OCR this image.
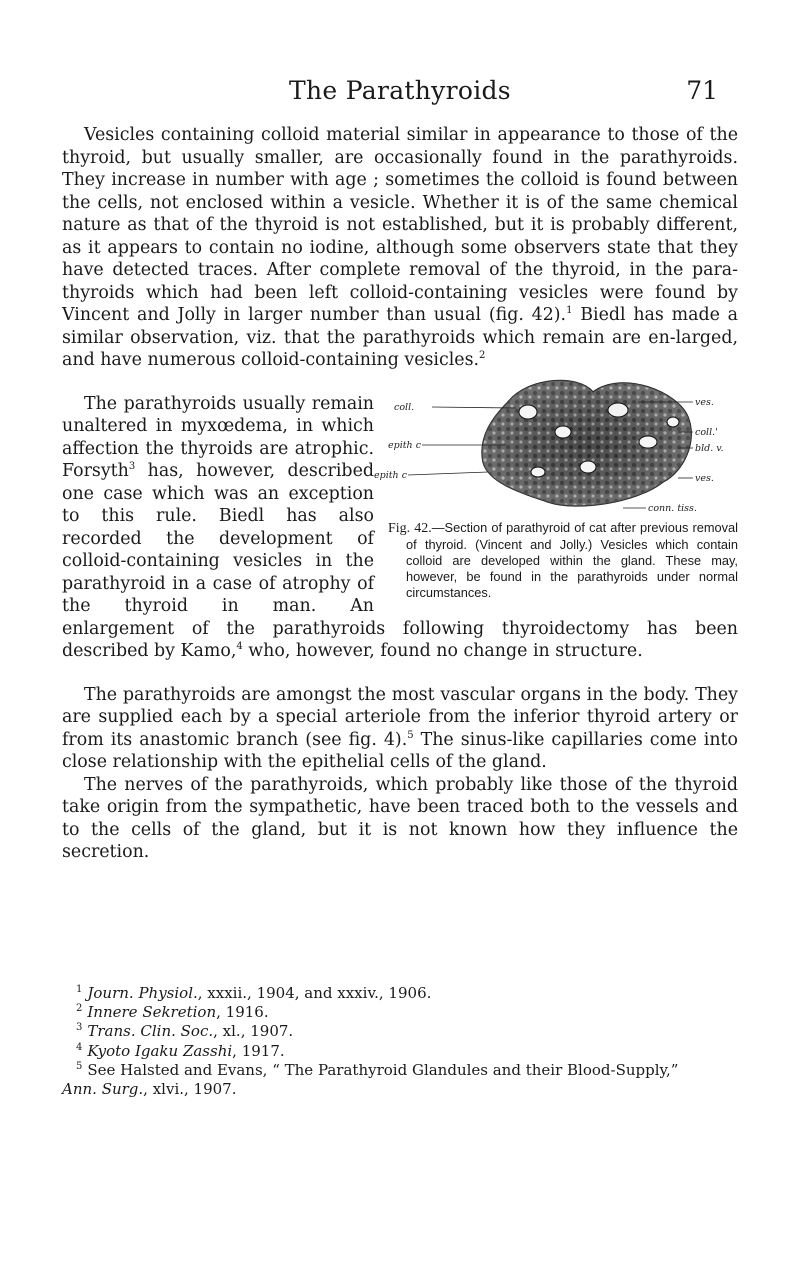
The Parathyroids	71

Vesicles containing colloid material similar in appearance to those of the thyroid, but usually smaller, are occasionally found in the parathyroids. They increase in number with age ; sometimes the colloid is found between the cells, not enclosed within a vesicle. Whether it is of the same chemical nature as that of the thyroid is not established, but it is probably different, as it appears to contain no iodine, although some observers state that they have detected traces. After complete removal of the thyroid, in the para-thyroids which had been left colloid-containing vesicles were found by Vincent and Jolly in larger number than usual (fig. 42).$^1$ Biedl has made a similar observation, viz. that the parathyroids which remain are en-larged, and have numerous colloid-containing vesicles.$^2$

coll.	ves.
epith c
coll.'
bld. v.
epith c	ves.
conn. tiss.
Fig. 42.—Section of parathyroid of cat after previous removal of thyroid. (Vincent and Jolly.) Vesicles which contain colloid are developed within the gland. These may, however, be found in the parathyroids under normal circumstances.

The parathyroids usually remain unaltered in myxœdema, in which affection the thyroids are atrophic. Forsyth$^3$ has, however, described one case which was an exception to this rule. Biedl has also recorded the development of colloid-containing vesicles in the parathyroid in a case of atrophy of the thyroid in man. An enlargement of the parathyroids following thyroidectomy has been described by Kamo,$^4$ who, however, found no change in structure.

The parathyroids are amongst the most vascular organs in the body. They are supplied each by a special arteriole from the inferior thyroid artery or from its anastomic branch (see fig. 4).$^5$ The sinus-like capillaries come into close relationship with the epithelial cells of the gland.

The nerves of the parathyroids, which probably like those of the thyroid take origin from the sympathetic, have been traced both to the vessels and to the cells of the gland, but it is not known how they influence the secretion.

$^1$ Journ. Physiol., xxxii., 1904, and xxxiv., 1906.
$^2$ Innere Sekretion, 1916.
$^3$ Trans. Clin. Soc., xl., 1907.
$^4$ Kyoto Igaku Zasshi, 1917.
$^5$ See Halsted and Evans, “ The Parathyroid Glandules and their Blood-Supply,”
Ann. Surg., xlvi., 1907.
